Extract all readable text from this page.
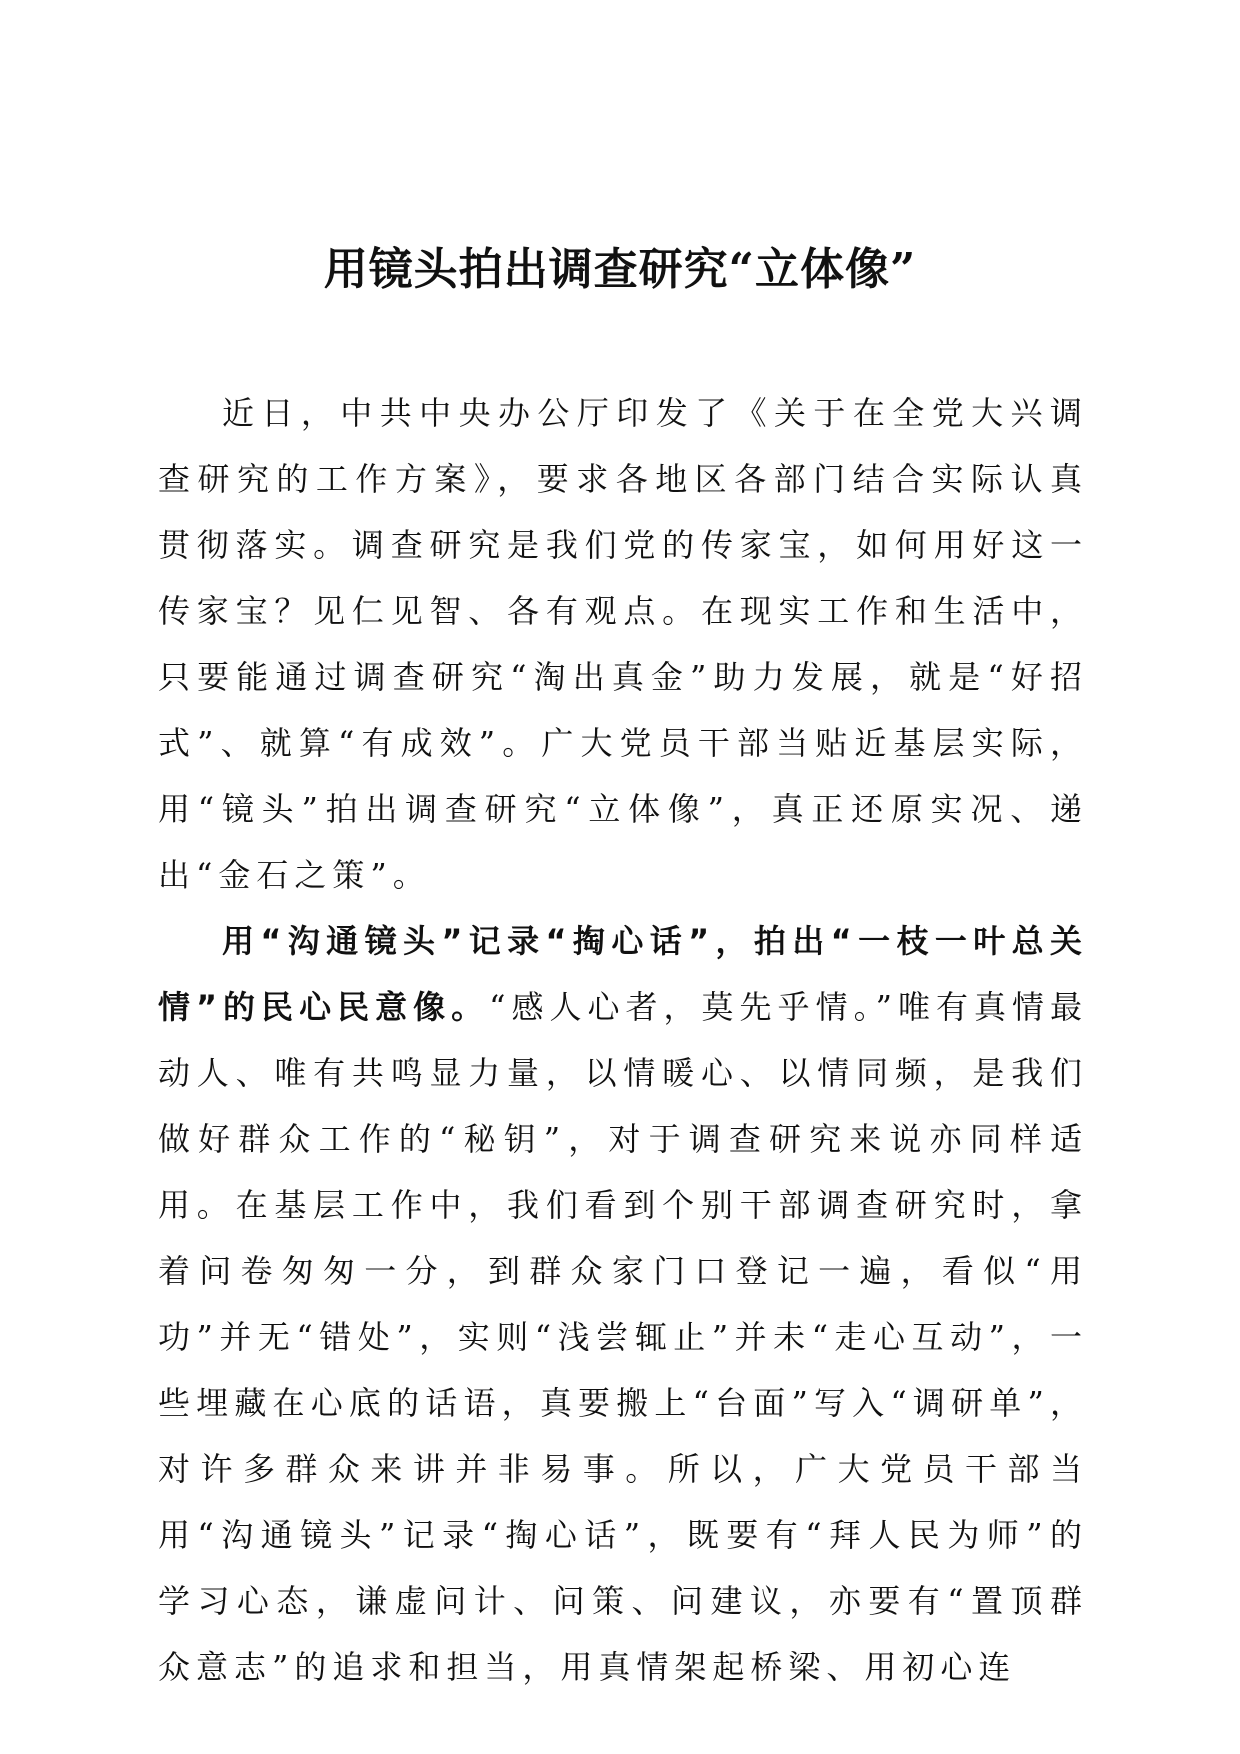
用镜头拍出调查研究“立体像”

近日，中共中央办公厅印发了《关于在全党大兴调查研究的工作方案》，要求各地区各部门结合实际认真贯彻落实。调查研究是我们党的传家宝，如何用好这一传家宝？见仁见智、各有观点。在现实工作和生活中，只要能通过调查研究“淘出真金”助力发展，就是“好招式”、就算“有成效”。广大党员干部当贴近基层实际，用“镜头”拍出调查研究“立体像”，真正还原实况、递出“金石之策”。

用“沟通镜头”记录“掏心话”，拍出“一枝一叶总关情”的民心民意像。“感人心者，莫先乎情。”唯有真情最动人、唯有共鸣显力量，以情暖心、以情同频，是我们做好群众工作的“秘钥”，对于调查研究来说亦同样适用。在基层工作中，我们看到个别干部调查研究时，拿着问卷匆匆一分，到群众家门口登记一遍，看似“用功”并无“错处”，实则“浅尝辄止”并未“走心互动”，一些埋藏在心底的话语，真要搬上“台面”写入“调研单”，对许多群众来讲并非易事。所以，广大党员干部当用“沟通镜头”记录“掏心话”，既要有“拜人民为师”的学习心态，谦虚问计、问策、问建议，亦要有“置顶群众意志”的追求和担当，用真情架起桥梁、用初心连
